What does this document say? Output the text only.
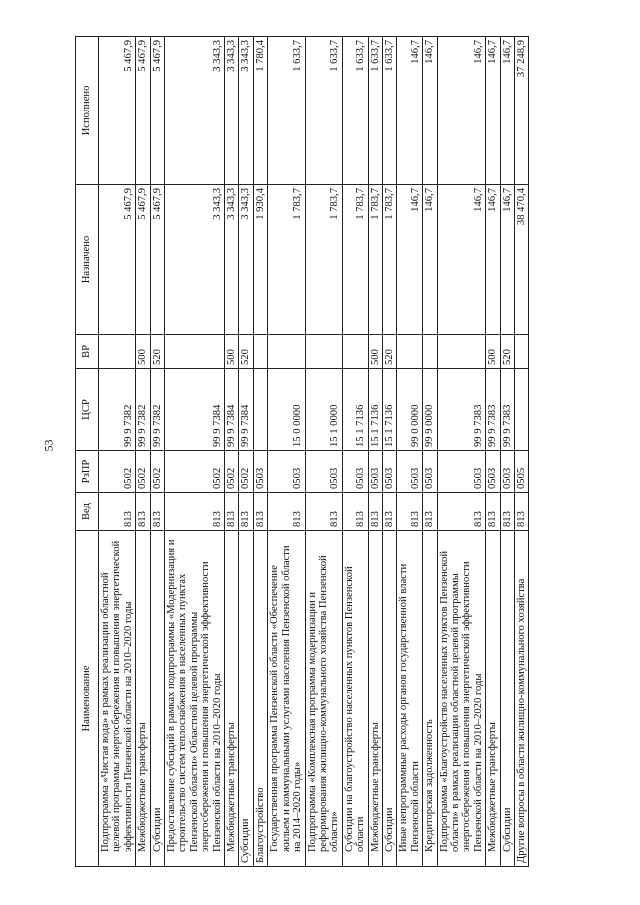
53
Наименование	Вед	РзПР	ЦСР	ВР	Назначено	Исполнено
Подпрограмма «Чистая вода» в рамках реализации областной целевой программы энергосбережения и повышения энергетической эффективности Пензенской области на 2010–2020 годы	813	0502	99 9 7382		5 467,9	5 467,9
Межбюджетные трансферты	813	0502	99 9 7382	500	5 467,9	5 467,9
Субсидии	813	0502	99 9 7382	520	5 467,9	5 467,9
Предоставление субсидий в рамках подпрограммы «Модернизация и строительство систем теплоснабжения в населенных пунктах Пензенской области» Областной целевой программы энергосбережения и повышения энергетической эффективности Пензенской области на 2010–2020 годы	813	0502	99 9 7384		3 343,3	3 343,3
Межбюджетные трансферты	813	0502	99 9 7384	500	3 343,3	3 343,3
Субсидии	813	0502	99 9 7384	520	3 343,3	3 343,3
Благоустройство	813	0503			1 930,4	1 780,4
Государственная программа Пензенской области «Обеспечение жильем и коммунальными услугами населения Пензенской области на 2014–2020 годы»	813	0503	15 0 0000		1 783,7	1 633,7
Подпрограмма «Комплексная программа модернизации и реформирования жилищно-коммунального хозяйства Пензенской области»	813	0503	15 1 0000		1 783,7	1 633,7
Субсидии на благоустройство населенных пунктов Пензенской области	813	0503	15 1 7136		1 783,7	1 633,7
Межбюджетные трансферты	813	0503	15 1 7136	500	1 783,7	1 633,7
Субсидии	813	0503	15 1 7136	520	1 783,7	1 633,7
Иные непрограммные расходы органов государственной власти Пензенской области	813	0503	99 0 0000		146,7	146,7
Кредиторская задолженность	813	0503	99 9 0000		146,7	146,7
Подпрограмма «Благоустройство населенных пунктов Пензенской области» в рамках реализации областной целевой программы энергосбережения и повышения энергетической эффективности Пензенской области на 2010–2020 годы	813	0503	99 9 7383		146,7	146,7
Межбюджетные трансферты	813	0503	99 9 7383	500	146,7	146,7
Субсидии	813	0503	99 9 7383	520	146,7	146,7
Другие вопросы в области жилищно-коммунального хозяйства	813	0505			38 470,4	37 248,9
